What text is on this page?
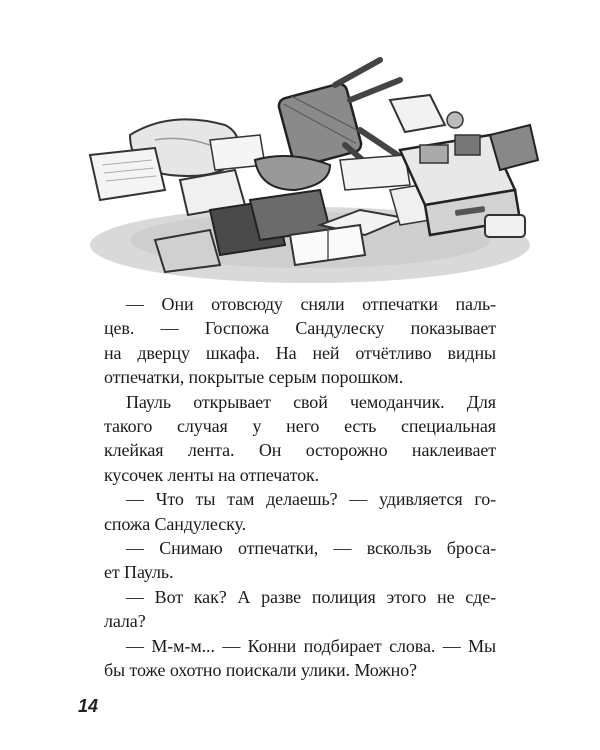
— Они отовсюду сняли отпечатки паль-
цев. — Госпожа Сандулеску показывает
на дверцу шкафа. На ней отчётливо видны
отпечатки, покрытые серым порошком.
Пауль открывает свой чемоданчик. Для
такого случая у него есть специальная
клейкая лента. Он осторожно наклеивает
кусочек ленты на отпечаток.
— Что ты там делаешь? — удивляется го-
спожа Сандулеску.
— Снимаю отпечатки, — вскользь броса-
ет Пауль.
— Вот как? А разве полиция этого не сде-
лала?
— М-м-м... — Конни подбирает слова. — Мы
бы тоже охотно поискали улики. Можно?
14
